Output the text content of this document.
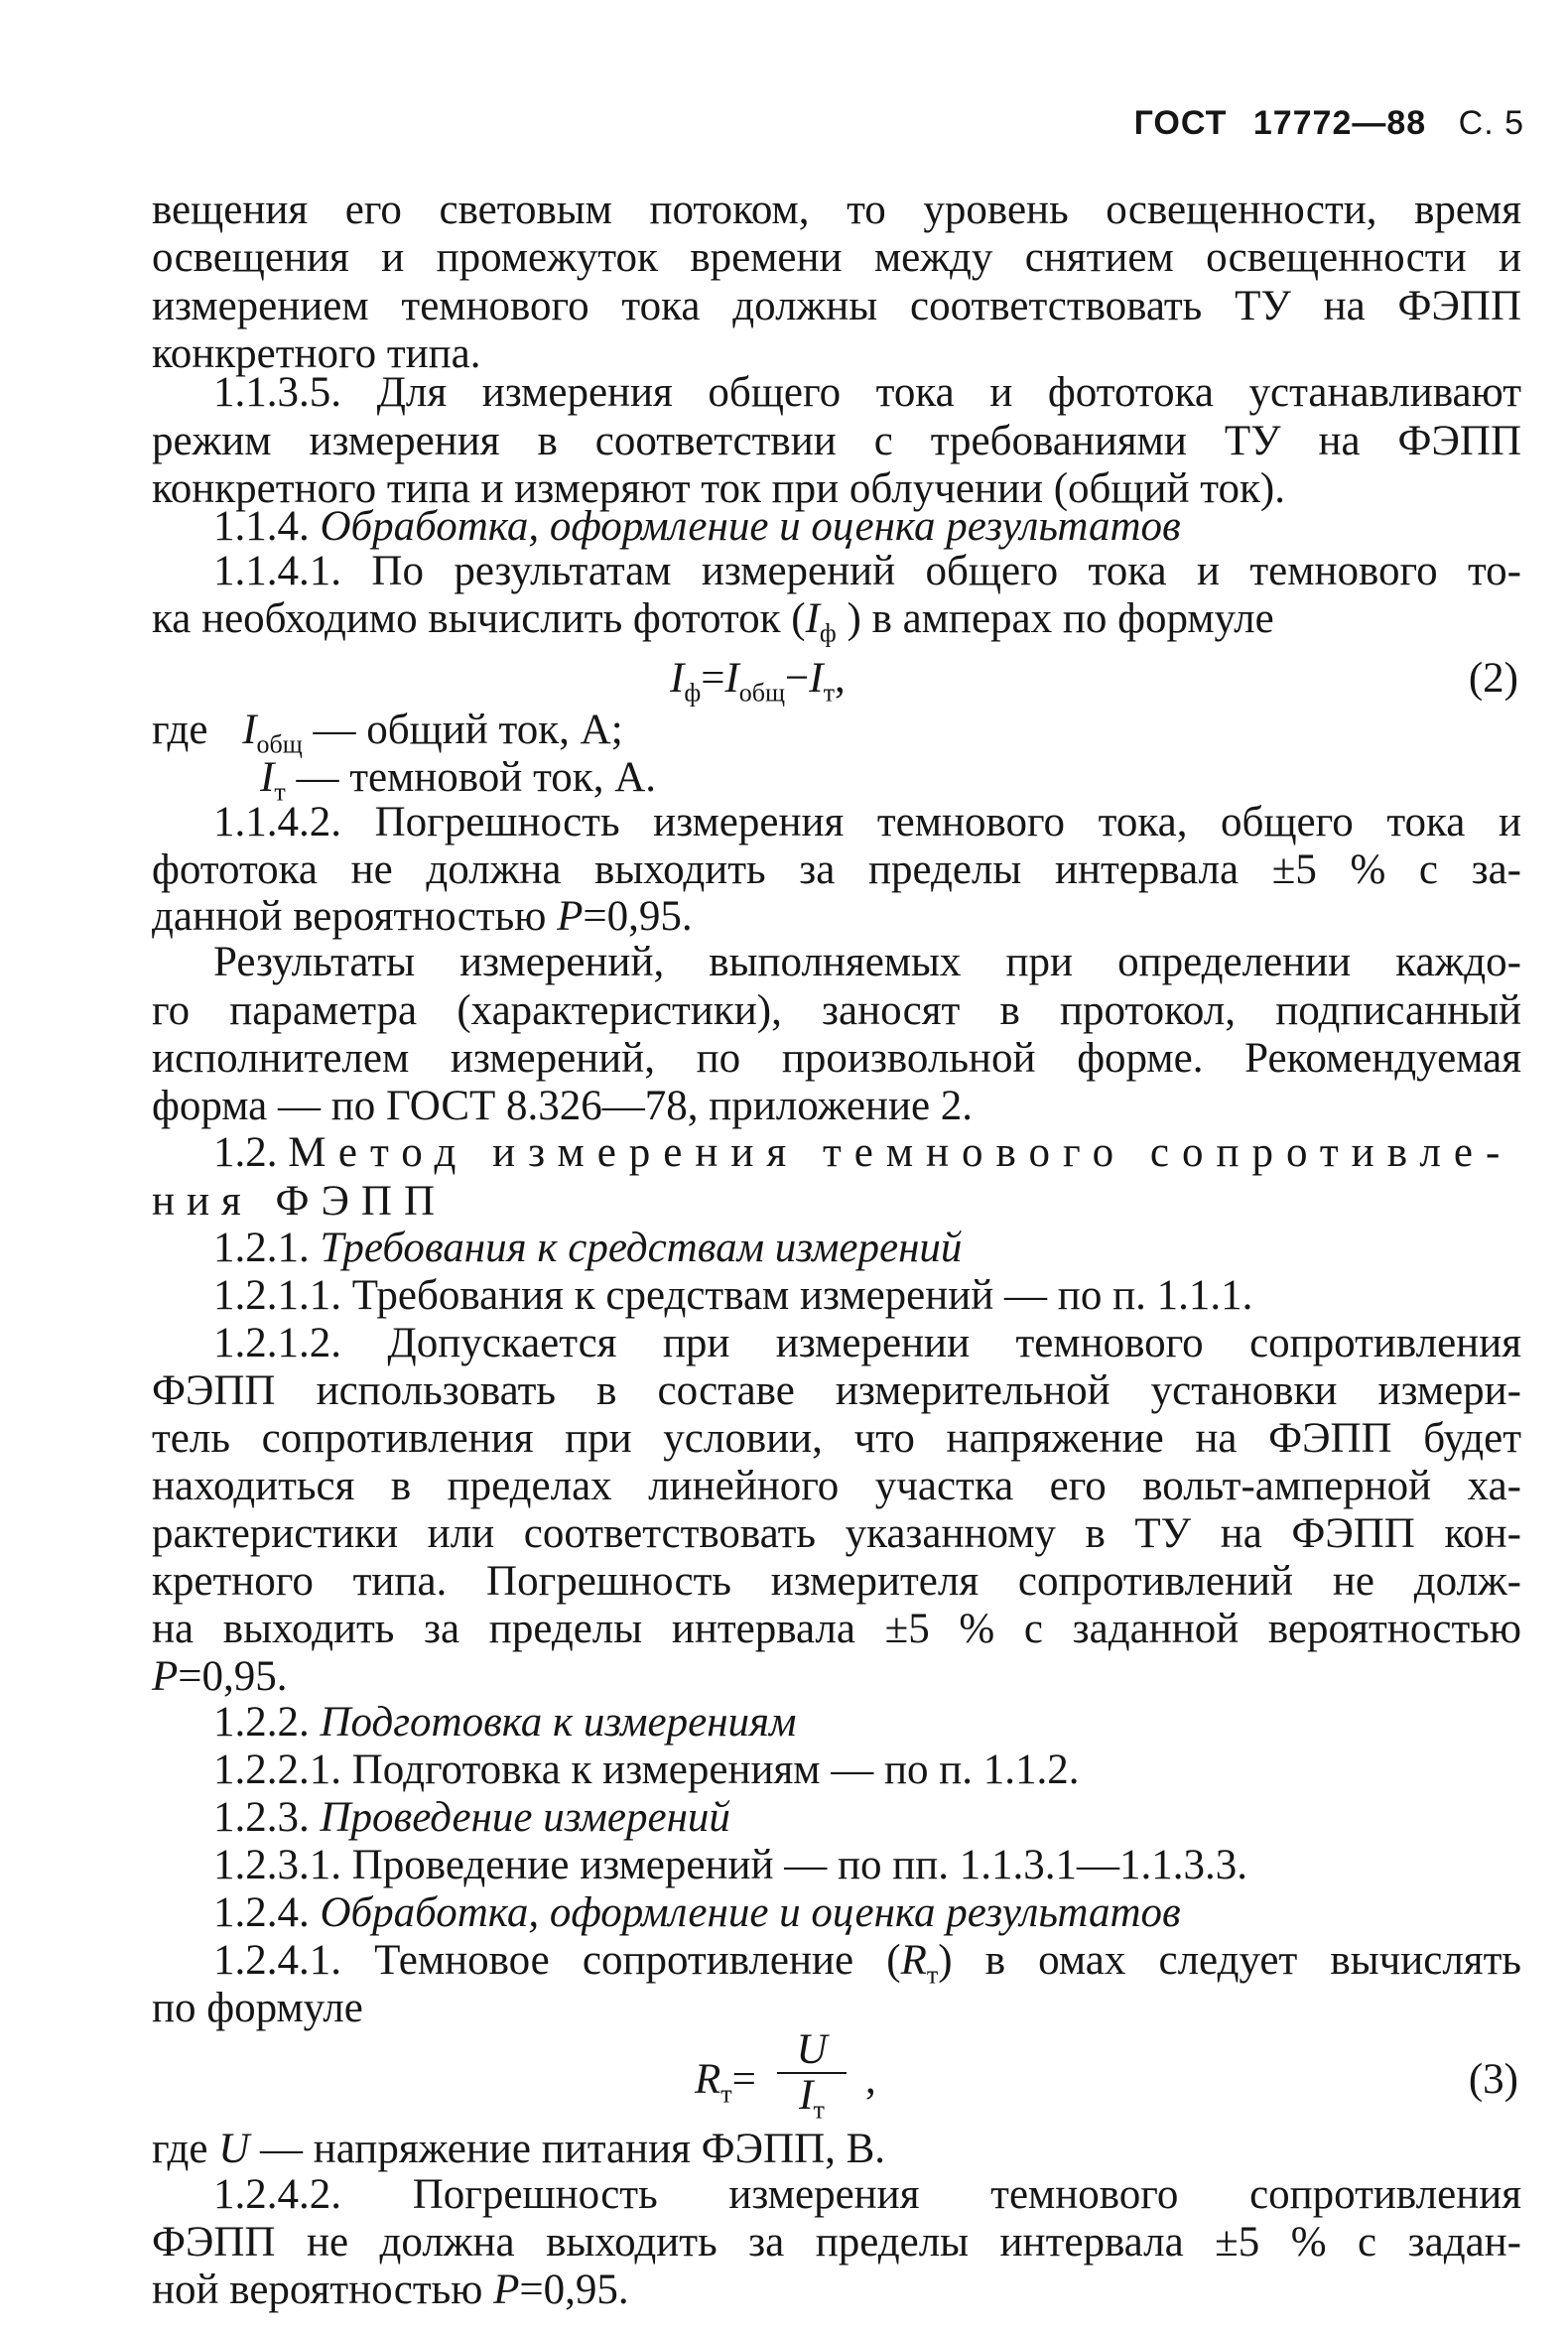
ГОСТ 17772—88 С. 5
вещения его световым потоком, то уровень освещенности, время
освещения и промежуток времени между снятием освещенности и
измерением темнового тока должны соответствовать ТУ на ФЭПП
конкретного типа.
1.1.3.5. Для измерения общего тока и фототока устанавливают
режим измерения в соответствии с требованиями ТУ на ФЭПП
конкретного типа и измеряют ток при облучении (общий ток).
1.1.4. Обработка, оформление и оценка результатов
1.1.4.1. По результатам измерений общего тока и темнового то-
ка необходимо вычислить фототок ($I_ф$ ) в амперах по формуле
$I_ф=I_{общ}-I_т$,	(2)
где $I_{общ}$ — общий ток, А;
$I_т$ — темновой ток, А.
1.1.4.2. Погрешность измерения темнового тока, общего тока и
фототока не должна выходить за пределы интервала ±5 % с за-
данной вероятностью P=0,95.
Результаты измерений, выполняемых при определении каждо-
го параметра (характеристики), заносят в протокол, подписанный
исполнителем измерений, по произвольной форме. Рекомендуемая
форма — по ГОСТ 8.326—78, приложение 2.
1.2. Метод измерения темнового сопротивле-
ния ФЭПП
1.2.1. Требования к средствам измерений
1.2.1.1. Требования к средствам измерений — по п. 1.1.1.
1.2.1.2. Допускается при измерении темнового сопротивления
ФЭПП использовать в составе измерительной установки измери-
тель сопротивления при условии, что напряжение на ФЭПП будет
находиться в пределах линейного участка его вольт-амперной ха-
рактеристики или соответствовать указанному в ТУ на ФЭПП кон-
кретного типа. Погрешность измерителя сопротивлений не долж-
на выходить за пределы интервала ±5 % с заданной вероятностью
P=0,95.
1.2.2. Подготовка к измерениям
1.2.2.1. Подготовка к измерениям — по п. 1.1.2.
1.2.3. Проведение измерений
1.2.3.1. Проведение измерений — по пп. 1.1.3.1—1.1.3.3.
1.2.4. Обработка, оформление и оценка результатов
1.2.4.1. Темновое сопротивление $(R_т)$ в омах следует вычислять
по формуле
$R_т=$
U
$I_т$
,	(3)
где U — напряжение питания ФЭПП, В.
1.2.4.2. Погрешность измерения темнового сопротивления
ФЭПП не должна выходить за пределы интервала ±5 % с задан-
ной вероятностью P=0,95.
